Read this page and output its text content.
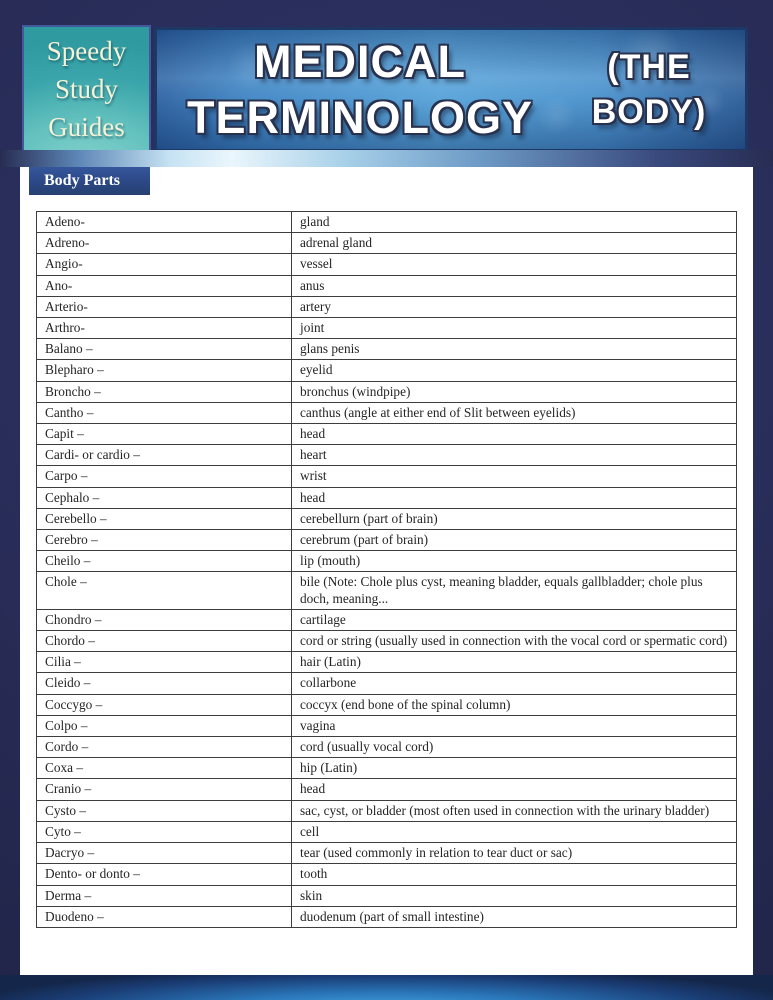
Speedy
Study
Guides
MEDICAL
TERMINOLOGY
(THE
BODY)
Body Parts
Adeno-	gland
Adreno-	adrenal gland
Angio-	vessel
Ano-	anus
Arterio-	artery
Arthro-	joint
Balano –	glans penis
Blepharo –	eyelid
Broncho –	bronchus (windpipe)
Cantho –	canthus (angle at either end of Slit between eyelids)
Capit –	head
Cardi- or cardio –	heart
Carpo –	wrist
Cephalo –	head
Cerebello –	cerebellurn (part of brain)
Cerebro –	cerebrum (part of brain)
Cheilo –	lip (mouth)
Chole –	bile (Note: Chole plus cyst, meaning bladder, equals gallbladder; chole plus doch, meaning...
Chondro –	cartilage
Chordo –	cord or string (usually used in connection with the vocal cord or spermatic cord)
Cilia –	hair (Latin)
Cleido –	collarbone
Coccygo –	coccyx (end bone of the spinal column)
Colpo –	vagina
Cordo –	cord (usually vocal cord)
Coxa –	hip (Latin)
Cranio –	head
Cysto –	sac, cyst, or bladder (most often used in connection with the urinary bladder)
Cyto –	cell
Dacryo –	tear (used commonly in relation to tear duct or sac)
Dento- or donto –	tooth
Derma –	skin
Duodeno –	duodenum (part of small intestine)
